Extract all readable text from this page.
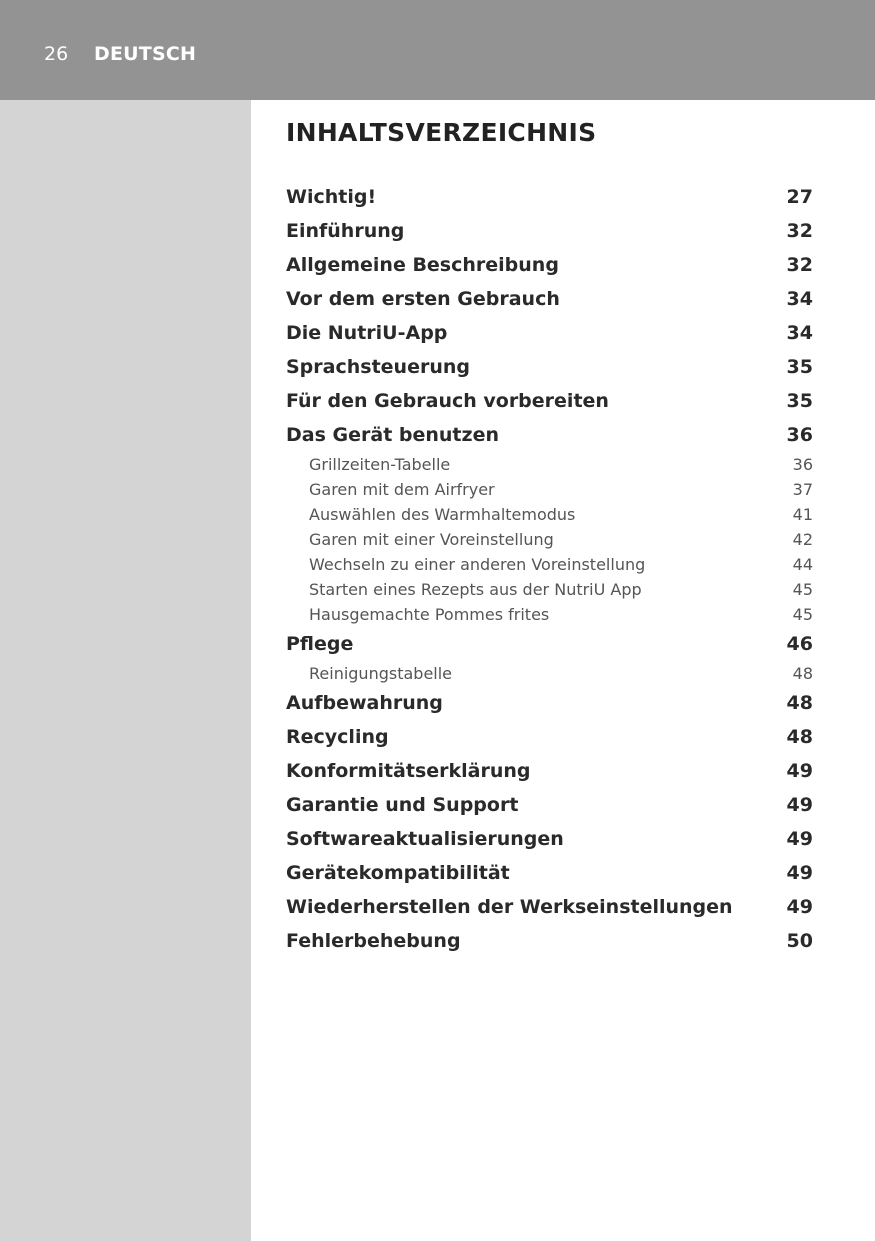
26 DEUTSCH
INHALTSVERZEICHNIS
Wichtig!	27
Einführung	32
Allgemeine Beschreibung	32
Vor dem ersten Gebrauch	34
Die NutriU-App	34
Sprachsteuerung	35
Für den Gebrauch vorbereiten	35
Das Gerät benutzen	36
Grillzeiten-Tabelle	36
Garen mit dem Airfryer	37
Auswählen des Warmhaltemodus	41
Garen mit einer Voreinstellung	42
Wechseln zu einer anderen Voreinstellung	44
Starten eines Rezepts aus der NutriU App	45
Hausgemachte Pommes frites	45
Pflege	46
Reinigungstabelle	48
Aufbewahrung	48
Recycling	48
Konformitätserklärung	49
Garantie und Support	49
Softwareaktualisierungen	49
Gerätekompatibilität	49
Wiederherstellen der Werkseinstellungen	49
Fehlerbehebung	50
